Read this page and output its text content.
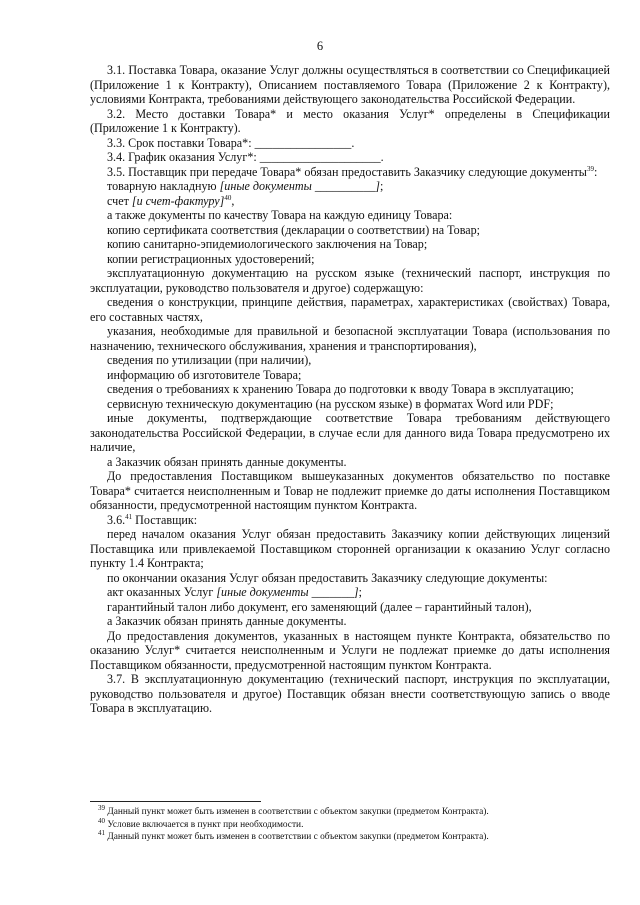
6

3.1. Поставка Товара, оказание Услуг должны осуществляться в соответствии со Спецификацией (Приложение 1 к Контракту), Описанием поставляемого Товара (Приложение 2 к Контракту), условиями Контракта, требованиями действующего законодательства Российской Федерации.

3.2. Место доставки Товара* и место оказания Услуг* определены в Спецификации (Приложение 1 к Контракту).

3.3. Срок поставки Товара*: ________________.

3.4. График оказания Услуг*: ____________________.

3.5. Поставщик при передаче Товара* обязан предоставить Заказчику следующие документы$^{39}$:

товарную накладную [иные документы __________];

счет [и счет-фактуру]$^{40}$,

а также документы по качеству Товара на каждую единицу Товара:

копию сертификата соответствия (декларации о соответствии) на Товар;

копию санитарно-эпидемиологического заключения на Товар;

копии регистрационных удостоверений;

эксплуатационную документацию на русском языке (технический паспорт, инструкция по эксплуатации, руководство пользователя и другое) содержащую:

сведения о конструкции, принципе действия, параметрах, характеристиках (свойствах) Товара, его составных частях,

указания, необходимые для правильной и безопасной эксплуатации Товара (использования по назначению, технического обслуживания, хранения и транспортирования),

сведения по утилизации (при наличии),

информацию об изготовителе Товара;

сведения о требованиях к хранению Товара до подготовки к вводу Товара в эксплуатацию;

сервисную техническую документацию (на русском языке) в форматах Word или PDF;

иные документы, подтверждающие соответствие Товара требованиям действующего законодательства Российской Федерации, в случае если для данного вида Товара предусмотрено их наличие,

а Заказчик обязан принять данные документы.

До предоставления Поставщиком вышеуказанных документов обязательство по поставке Товара* считается неисполненным и Товар не подлежит приемке до даты исполнения Поставщиком обязанности, предусмотренной настоящим пунктом Контракта.

3.6.41 Поставщик:

перед началом оказания Услуг обязан предоставить Заказчику копии действующих лицензий Поставщика или привлекаемой Поставщиком сторонней организации к оказанию Услуг согласно пункту 1.4 Контракта;

по окончании оказания Услуг обязан предоставить Заказчику следующие документы:

акт оказанных Услуг [иные документы _______];

гарантийный талон либо документ, его заменяющий (далее – гарантийный талон),

а Заказчик обязан принять данные документы.

До предоставления документов, указанных в настоящем пункте Контракта, обязательство по оказанию Услуг* считается неисполненным и Услуги не подлежат приемке до даты исполнения Поставщиком обязанности, предусмотренной настоящим пунктом Контракта.

3.7. В эксплуатационную документацию (технический паспорт, инструкция по эксплуатации, руководство пользователя и другое) Поставщик обязан внести соответствующую запись о вводе Товара в эксплуатацию.

$^{39}$ Данный пункт может быть изменен в соответствии с объектом закупки (предметом Контракта).
$^{40}$ Условие включается в пункт при необходимости.
$^{41}$ Данный пункт может быть изменен в соответствии с объектом закупки (предметом Контракта).
